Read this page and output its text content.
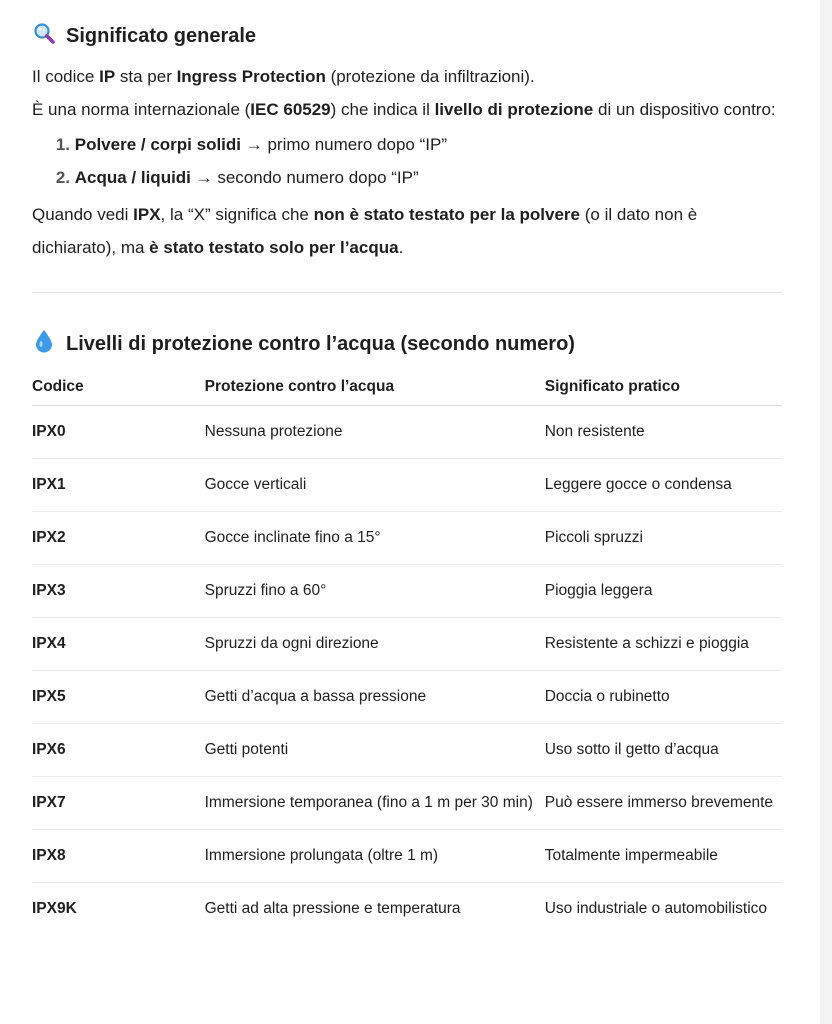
Significato generale

Il codice IP sta per Ingress Protection (protezione da infiltrazioni).
È una norma internazionale (IEC 60529) che indica il livello di protezione di un dispositivo contro:

1. Polvere / corpi solidi → primo numero dopo “IP”
2. Acqua / liquidi → secondo numero dopo “IP”

Quando vedi IPX, la “X” significa che non è stato testato per la polvere (o il dato non è dichiarato), ma è stato testato solo per l’acqua.

Livelli di protezione contro l’acqua (secondo numero)
Codice	Protezione contro l’acqua	Significato pratico
IPX0	Nessuna protezione	Non resistente
IPX1	Gocce verticali	Leggere gocce o condensa
IPX2	Gocce inclinate fino a 15°	Piccoli spruzzi
IPX3	Spruzzi fino a 60°	Pioggia leggera
IPX4	Spruzzi da ogni direzione	Resistente a schizzi e pioggia
IPX5	Getti d’acqua a bassa pressione	Doccia o rubinetto
IPX6	Getti potenti	Uso sotto il getto d’acqua
IPX7	Immersione temporanea (fino a 1 m per 30 min)	Può essere immerso brevemente
IPX8	Immersione prolungata (oltre 1 m)	Totalmente impermeabile
IPX9K	Getti ad alta pressione e temperatura	Uso industriale o automobilistico
